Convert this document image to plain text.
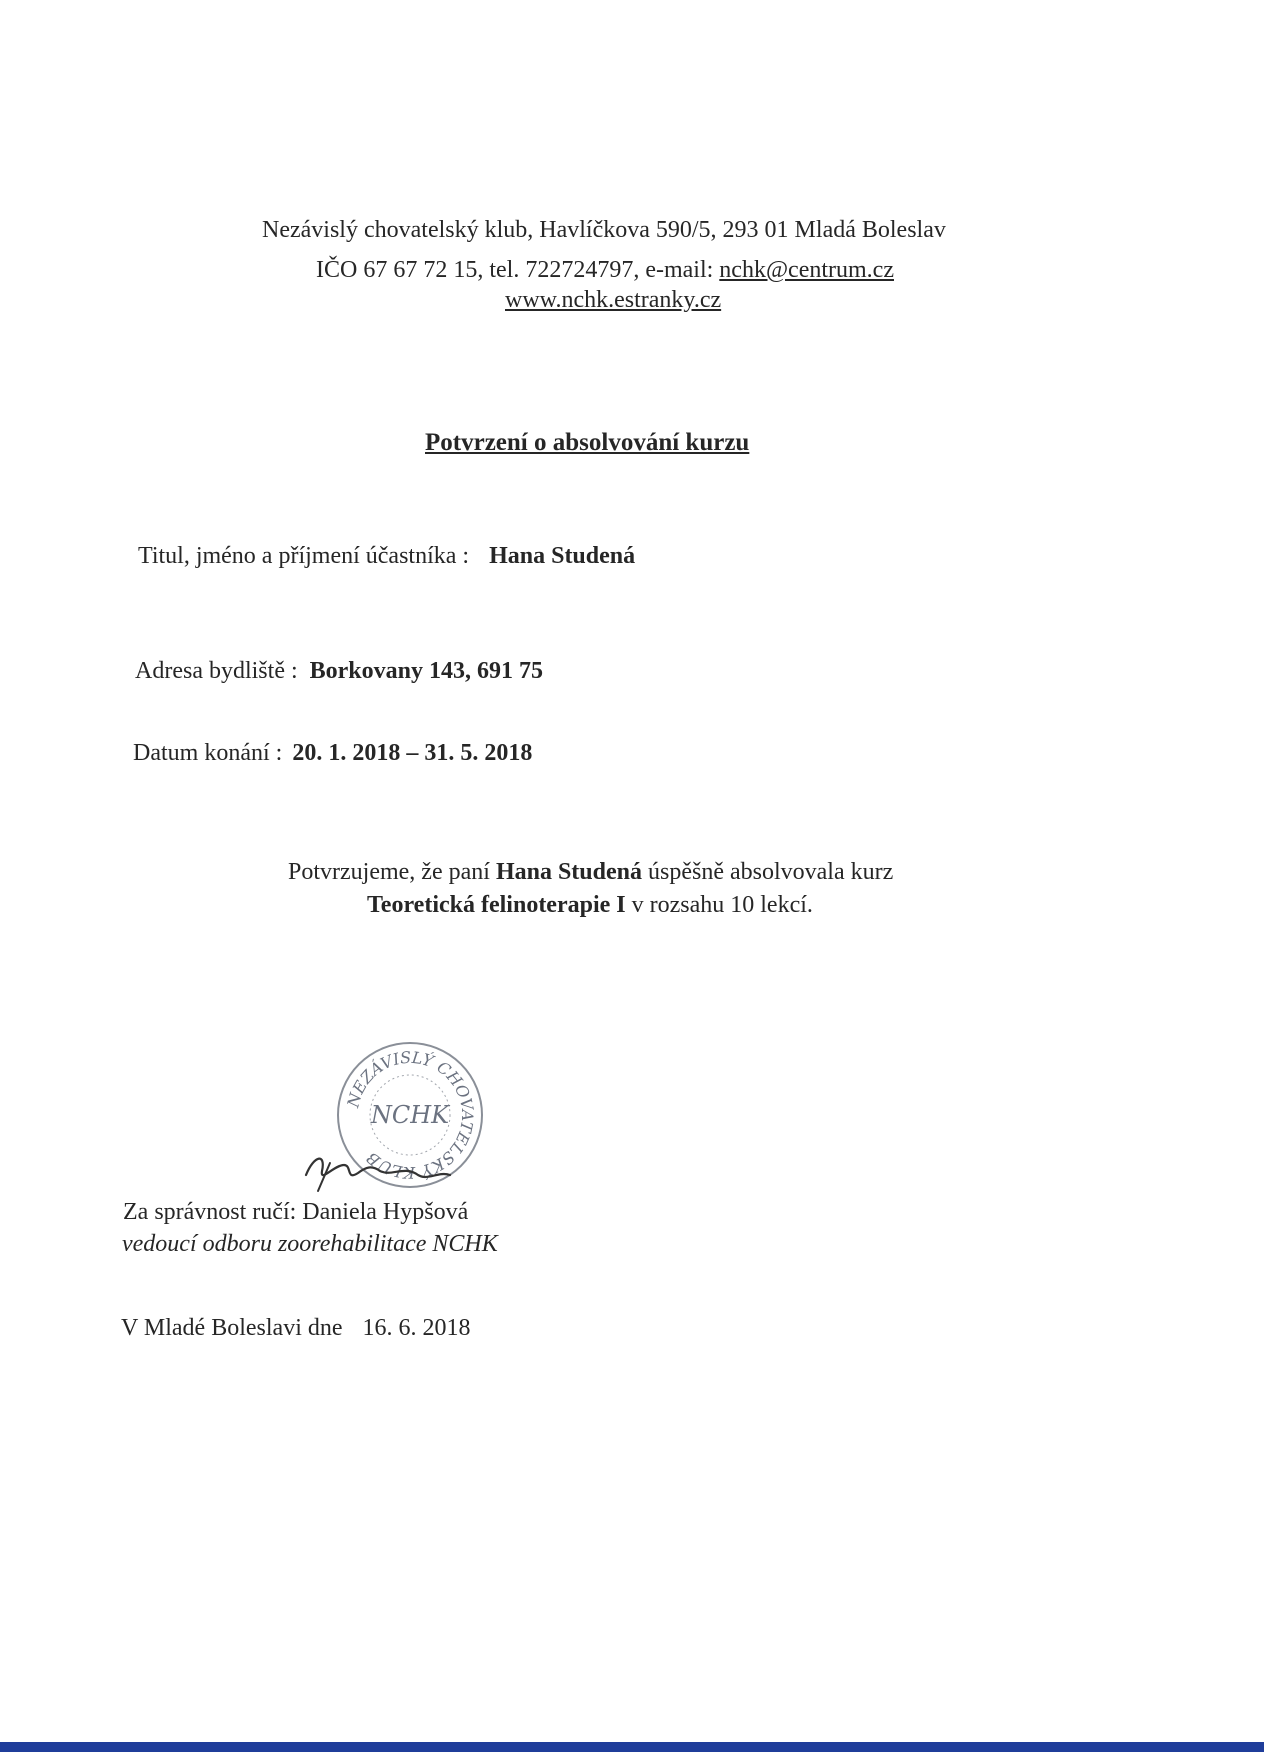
Nezávislý chovatelský klub, Havlíčkova 590/5, 293 01 Mladá Boleslav
IČO 67 67 72 15, tel. 722724797, e-mail: nchk@centrum.cz
www.nchk.estranky.cz
Potvrzení o absolvování kurzu
Titul, jméno a příjmení účastníka : Hana Studená
Adresa bydliště : Borkovany 143, 691 75
Datum konání : 20. 1. 2018 – 31. 5. 2018
Potvrzujeme, že paní Hana Studená úspěšně absolvovala kurz
Teoretická felinoterapie I v rozsahu 10 lekcí.
NEZÁVISLÝ CHOVATELSKÝ KLUB
NCHK
Za správnost ručí: Daniela Hypšová
vedoucí odboru zoorehabilitace NCHK
V Mladé Boleslavi dne 16. 6. 2018
